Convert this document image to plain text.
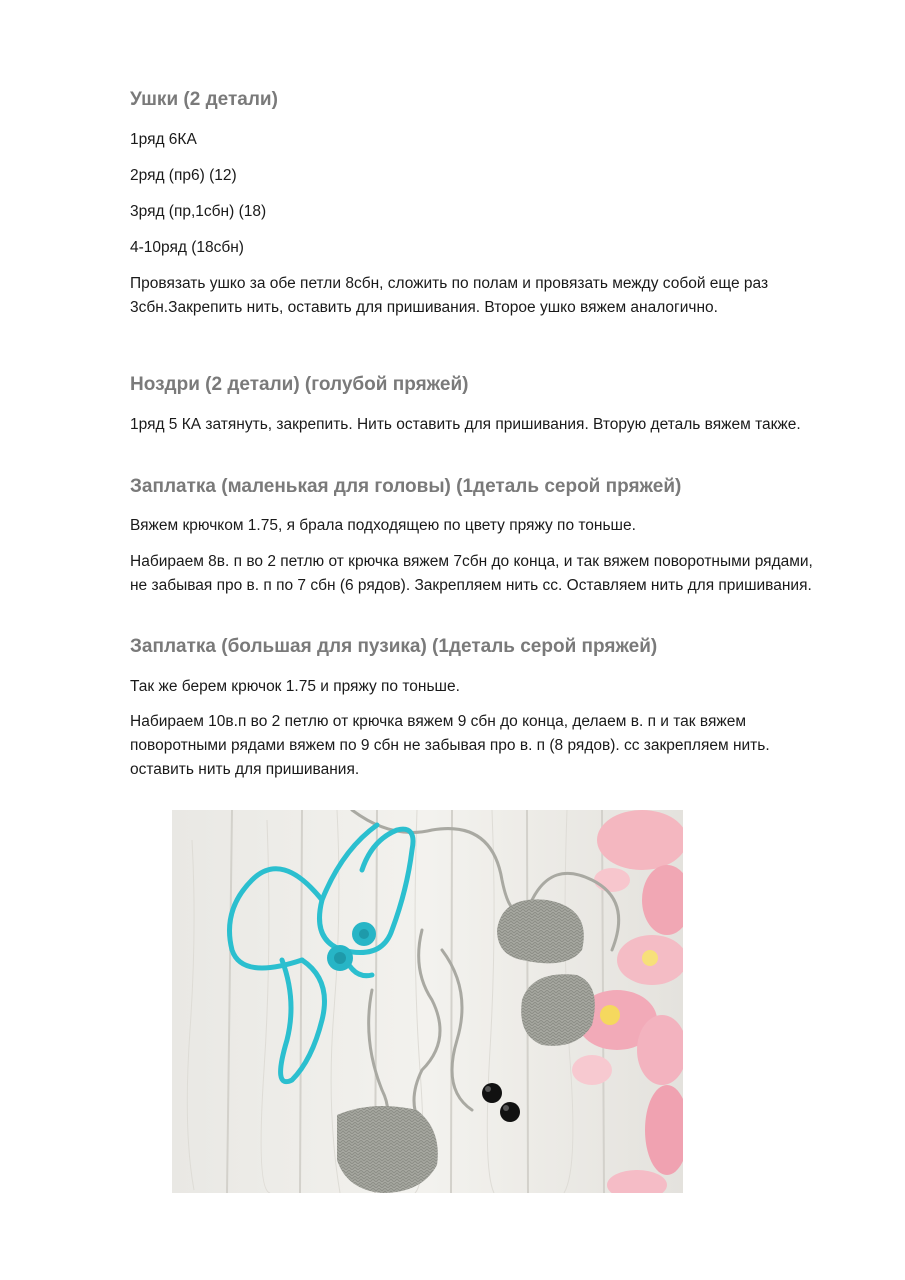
Ушки (2 детали)

1ряд 6КА

2ряд (пр6) (12)

3ряд (пр,1сбн) (18)

4-10ряд (18сбн)

Провязать ушко за обе петли 8сбн, сложить по полам и провязать между собой еще раз 3сбн.Закрепить нить, оставить для пришивания. Второе ушко вяжем аналогично.

Ноздри (2 детали) (голубой пряжей)

1ряд 5 КА затянуть, закрепить. Нить оставить для пришивания. Вторую деталь вяжем также.

Заплатка (маленькая для головы) (1деталь серой пряжей)

Вяжем крючком 1.75, я брала подходящею по цвету пряжу по тоньше.

Набираем 8в. п во 2 петлю от крючка вяжем 7сбн до конца, и так вяжем поворотными рядами, не забывая про в. п по 7 сбн (6 рядов). Закрепляем нить сс. Оставляем нить для пришивания.

Заплатка (большая для пузика) (1деталь серой пряжей)

Так же берем крючок 1.75 и пряжу по тоньше.

Набираем 10в.п во 2 петлю от крючка вяжем 9 сбн до конца, делаем в. п и так вяжем поворотными рядами вяжем по 9 сбн не забывая про в. п (8 рядов). сс закрепляем нить. оставить нить для пришивания.
